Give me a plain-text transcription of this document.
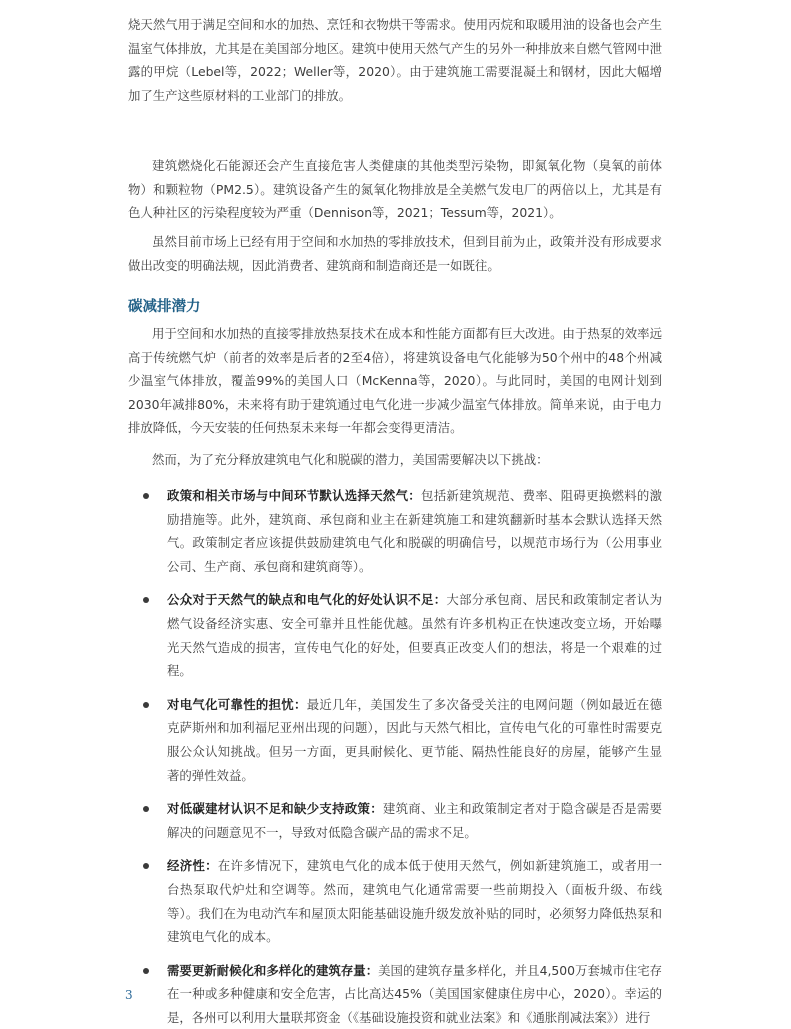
烧天然气用于满足空间和水的加热、烹饪和衣物烘干等需求。使用丙烷和取暖用油的设备也会产生温室气体排放，尤其是在美国部分地区。建筑中使用天然气产生的另外一种排放来自燃气管网中泄露的甲烷（Lebel等，2022；Weller等，2020）。由于建筑施工需要混凝土和钢材，因此大幅增加了生产这些原材料的工业部门的排放。

建筑燃烧化石能源还会产生直接危害人类健康的其他类型污染物，即氮氧化物（臭氧的前体物）和颗粒物（PM2.5）。建筑设备产生的氮氧化物排放是全美燃气发电厂的两倍以上，尤其是有色人种社区的污染程度较为严重（Dennison等，2021；Tessum等，2021）。

虽然目前市场上已经有用于空间和水加热的零排放技术，但到目前为止，政策并没有形成要求做出改变的明确法规，因此消费者、建筑商和制造商还是一如既往。

碳减排潜力

用于空间和水加热的直接零排放热泵技术在成本和性能方面都有巨大改进。由于热泵的效率远高于传统燃气炉（前者的效率是后者的2至4倍），将建筑设备电气化能够为50个州中的48个州减少温室气体排放，覆盖99%的美国人口（McKenna等，2020）。与此同时，美国的电网计划到2030年减排80%，未来将有助于建筑通过电气化进一步减少温室气体排放。简单来说，由于电力排放降低，今天安装的任何热泵未来每一年都会变得更清洁。

然而，为了充分释放建筑电气化和脱碳的潜力，美国需要解决以下挑战：

政策和相关市场与中间环节默认选择天然气：包括新建筑规范、费率、阻碍更换燃料的激励措施等。此外，建筑商、承包商和业主在新建筑施工和建筑翻新时基本会默认选择天然气。政策制定者应该提供鼓励建筑电气化和脱碳的明确信号，以规范市场行为（公用事业公司、生产商、承包商和建筑商等）。
公众对于天然气的缺点和电气化的好处认识不足：大部分承包商、居民和政策制定者认为燃气设备经济实惠、安全可靠并且性能优越。虽然有许多机构正在快速改变立场，开始曝光天然气造成的损害，宣传电气化的好处，但要真正改变人们的想法，将是一个艰难的过程。
对电气化可靠性的担忧：最近几年，美国发生了多次备受关注的电网问题（例如最近在德克萨斯州和加利福尼亚州出现的问题），因此与天然气相比，宣传电气化的可靠性时需要克服公众认知挑战。但另一方面，更具耐候化、更节能、隔热性能良好的房屋，能够产生显著的弹性效益。
对低碳建材认识不足和缺少支持政策：建筑商、业主和政策制定者对于隐含碳是否是需要解决的问题意见不一，导致对低隐含碳产品的需求不足。
经济性：在许多情况下，建筑电气化的成本低于使用天然气，例如新建筑施工，或者用一台热泵取代炉灶和空调等。然而，建筑电气化通常需要一些前期投入（面板升级、布线等）。我们在为电动汽车和屋顶太阳能基础设施升级发放补贴的同时，必须努力降低热泵和建筑电气化的成本。
需要更新耐候化和多样化的建筑存量：美国的建筑存量多样化，并且4,500万套城市住宅存在一种或多种健康和安全危害，占比高达45%（美国国家健康住房中心，2020）。幸运的是，各州可以利用大量联邦资金（《基础设施投资和就业法案》和《通胀削减法案》）进行
3
